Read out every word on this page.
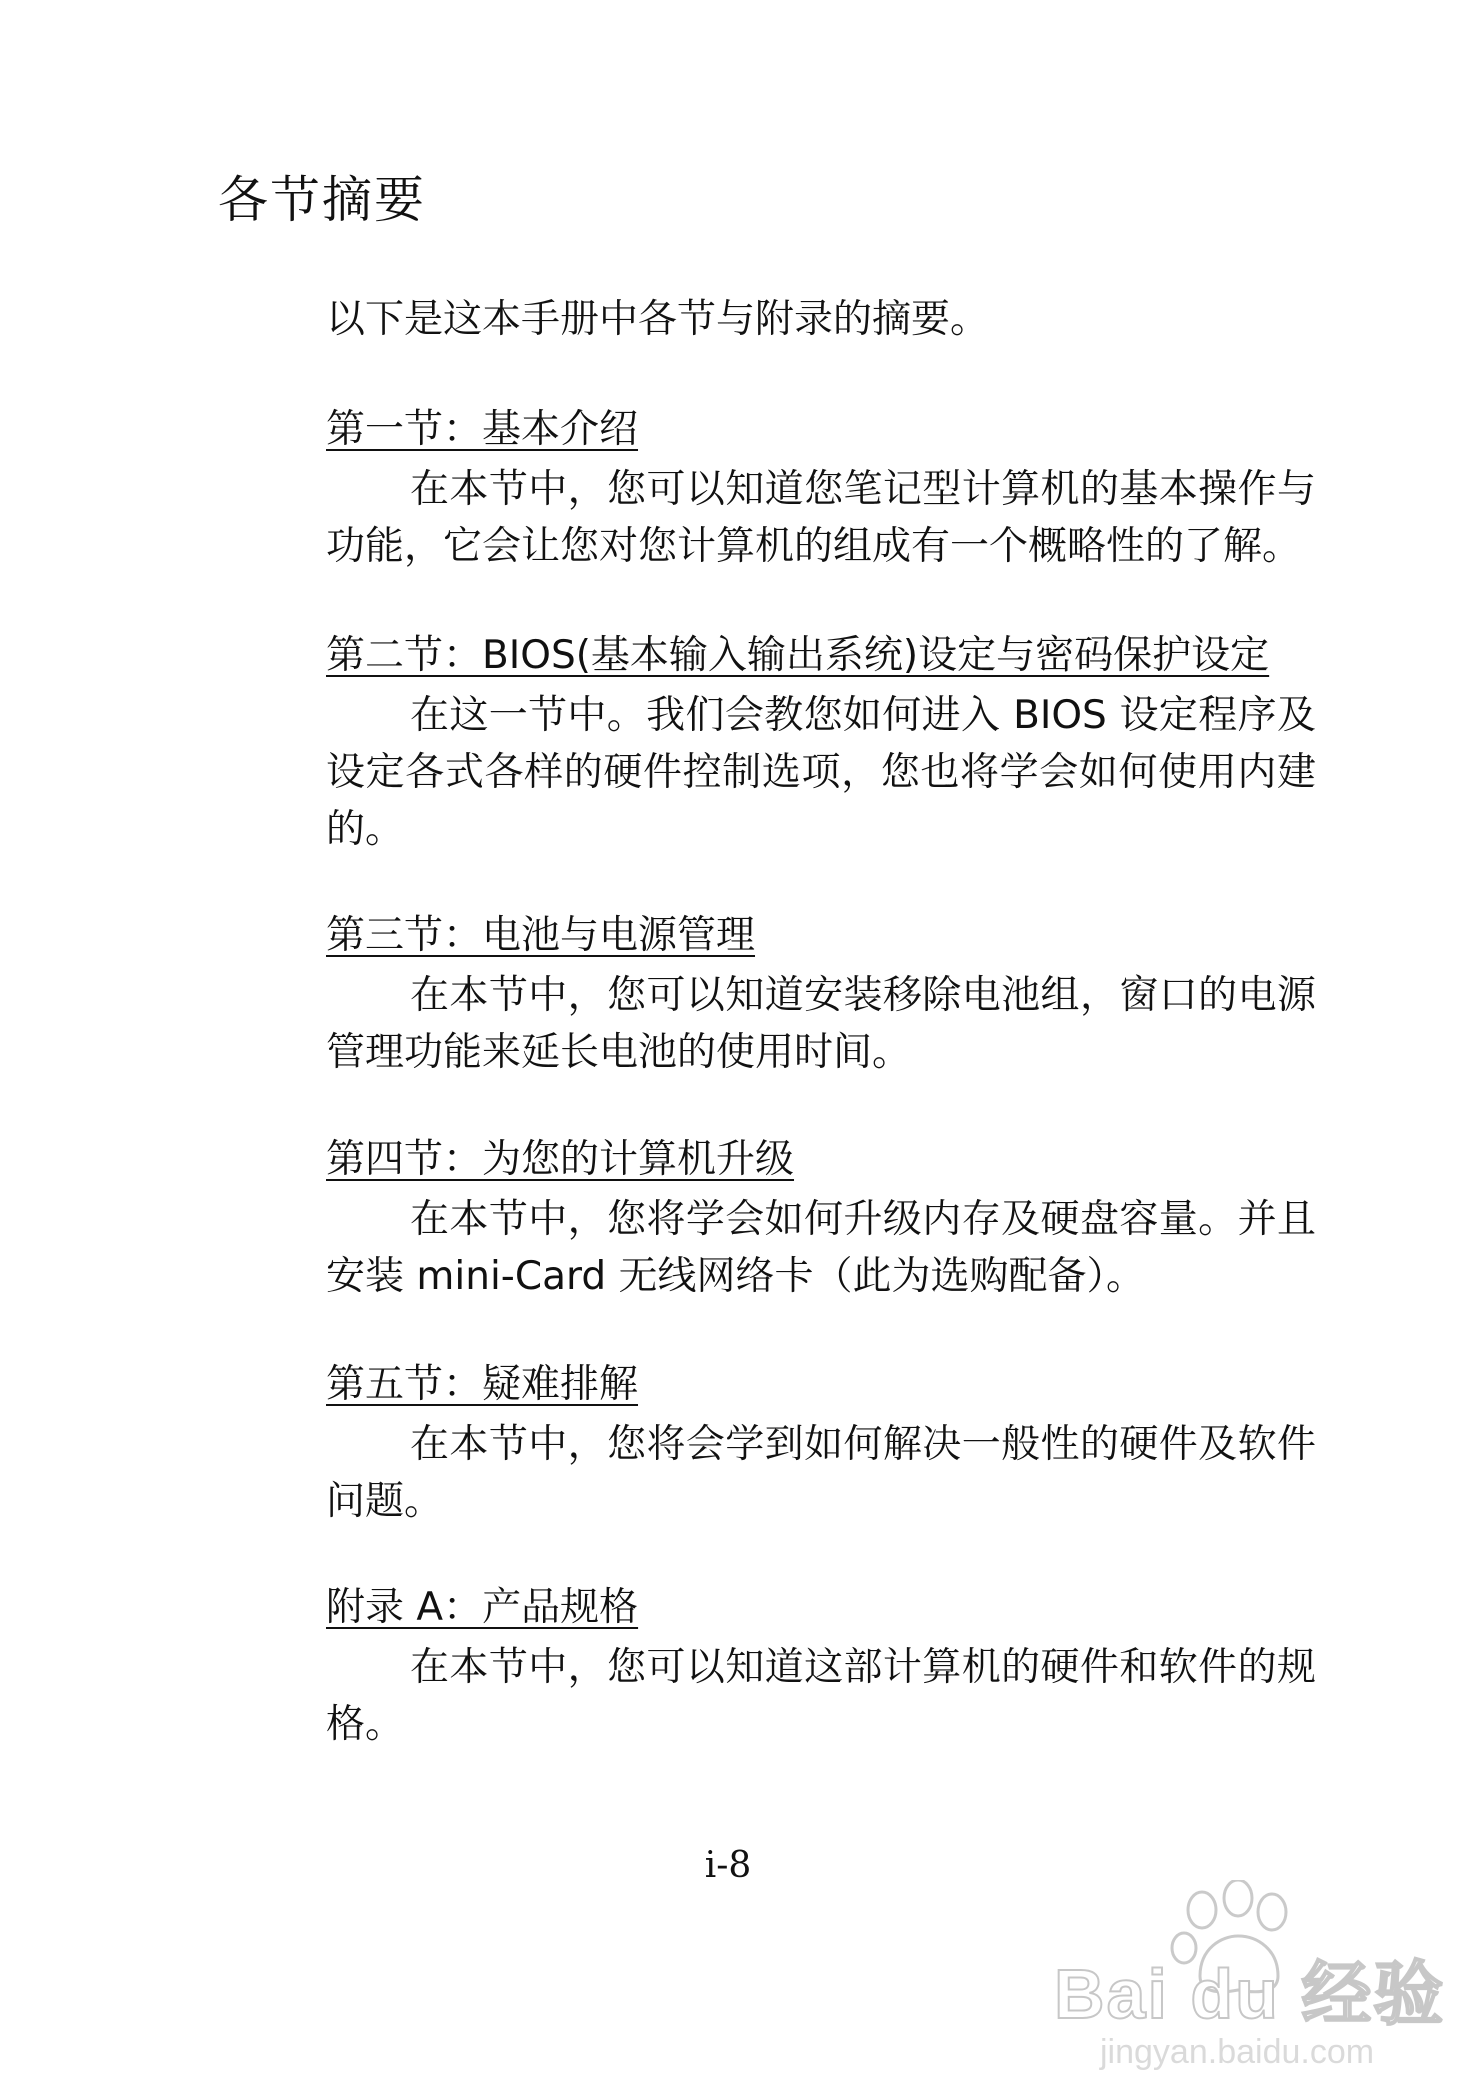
各节摘要
以下是这本手册中各节与附录的摘要。
第一节：基本介绍
在本节中，您可以知道您笔记型计算机的基本操作与功能，它会让您对您计算机的组成有一个概略性的了解。
第二节：BIOS(基本输入输出系统)设定与密码保护设定
在这一节中。我们会教您如何进入 BIOS 设定程序及设定各式各样的硬件控制选项，您也将学会如何使用内建的。
第三节：电池与电源管理
在本节中，您可以知道安装移除电池组，窗口的电源管理功能来延长电池的使用时间。
第四节：为您的计算机升级
在本节中，您将学会如何升级内存及硬盘容量。并且安装 mini-Card 无线网络卡（此为选购配备）。
第五节：疑难排解
在本节中，您将会学到如何解决一般性的硬件及软件问题。
附录 A：产品规格
在本节中，您可以知道这部计算机的硬件和软件的规格。
i-8
Bai du 经验
jingyan.baidu.com
